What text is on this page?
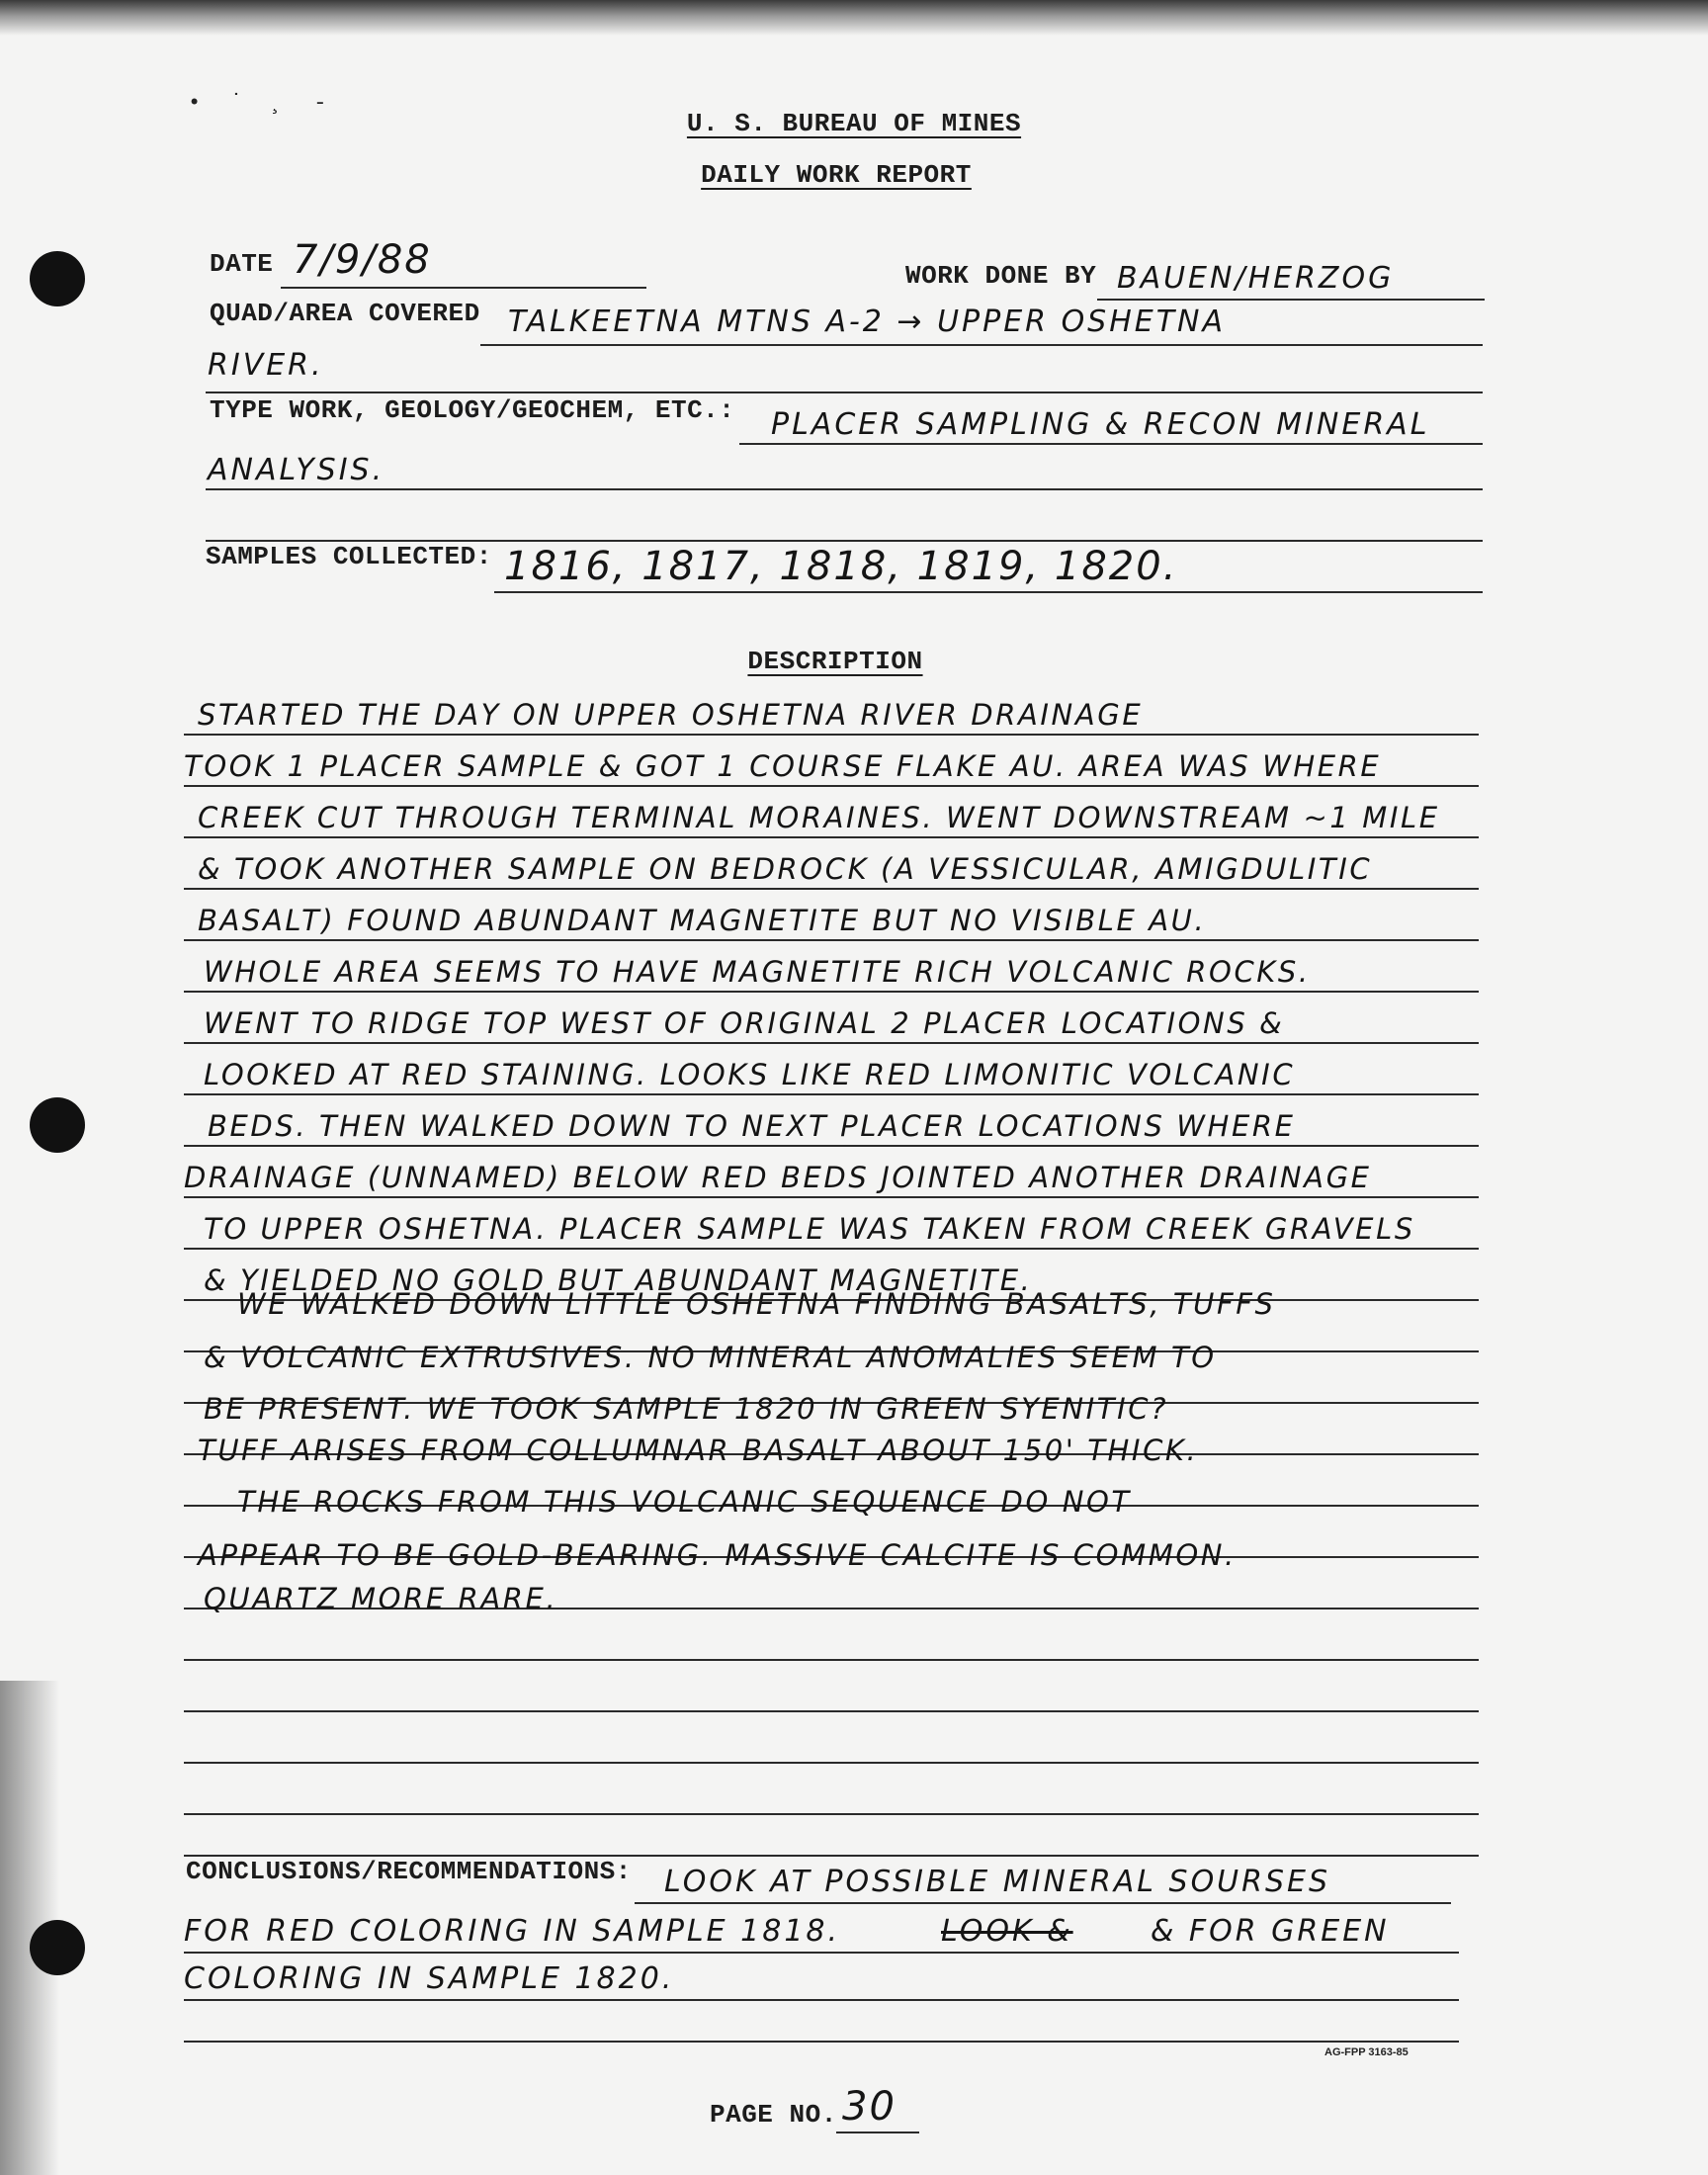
• ˙ ¸ -
U. S. BUREAU OF MINES
DAILY WORK REPORT
DATE 7/9/88	WORK DONE BY BAUEN/HERZOG
QUAD/AREA COVERED TALKEETNA MTNS A-2 → UPPER OSHETNA
RIVER.
TYPE WORK, GEOLOGY/GEOCHEM, ETC.: PLACER SAMPLING & RECON MINERAL
ANALYSIS.
SAMPLES COLLECTED: 1816, 1817, 1818, 1819, 1820.
DESCRIPTION
STARTED THE DAY ON UPPER OSHETNA RIVER DRAINAGE
TOOK 1 PLACER SAMPLE & GOT 1 COURSE FLAKE AU. AREA WAS WHERE
CREEK CUT THROUGH TERMINAL MORAINES. WENT DOWNSTREAM ~1 MILE
& TOOK ANOTHER SAMPLE ON BEDROCK (A VESSICULAR, AMIGDULITIC
BASALT) FOUND ABUNDANT MAGNETITE BUT NO VISIBLE AU.
WHOLE AREA SEEMS TO HAVE MAGNETITE RICH VOLCANIC ROCKS.
WENT TO RIDGE TOP WEST OF ORIGINAL 2 PLACER LOCATIONS &
LOOKED AT RED STAINING. LOOKS LIKE RED LIMONITIC VOLCANIC
BEDS. THEN WALKED DOWN TO NEXT PLACER LOCATIONS WHERE
DRAINAGE (UNNAMED) BELOW RED BEDS JOINTED ANOTHER DRAINAGE
TO UPPER OSHETNA. PLACER SAMPLE WAS TAKEN FROM CREEK GRAVELS
& YIELDED NO GOLD BUT ABUNDANT MAGNETITE.
WE WALKED DOWN LITTLE OSHETNA FINDING BASALTS, TUFFS
& VOLCANIC EXTRUSIVES. NO MINERAL ANOMALIES SEEM TO
BE PRESENT. WE TOOK SAMPLE 1820 IN GREEN SYENITIC?
TUFF ARISES FROM COLLUMNAR BASALT ABOUT 150' THICK.
THE ROCKS FROM THIS VOLCANIC SEQUENCE DO NOT
APPEAR TO BE GOLD-BEARING. MASSIVE CALCITE IS COMMON.
QUARTZ MORE RARE.
CONCLUSIONS/RECOMMENDATIONS: LOOK AT POSSIBLE MINERAL SOURSES
FOR RED COLORING IN SAMPLE 1818.	LOOK &	& FOR GREEN
COLORING IN SAMPLE 1820.
AG-FPP 3163-85
PAGE NO. 30
